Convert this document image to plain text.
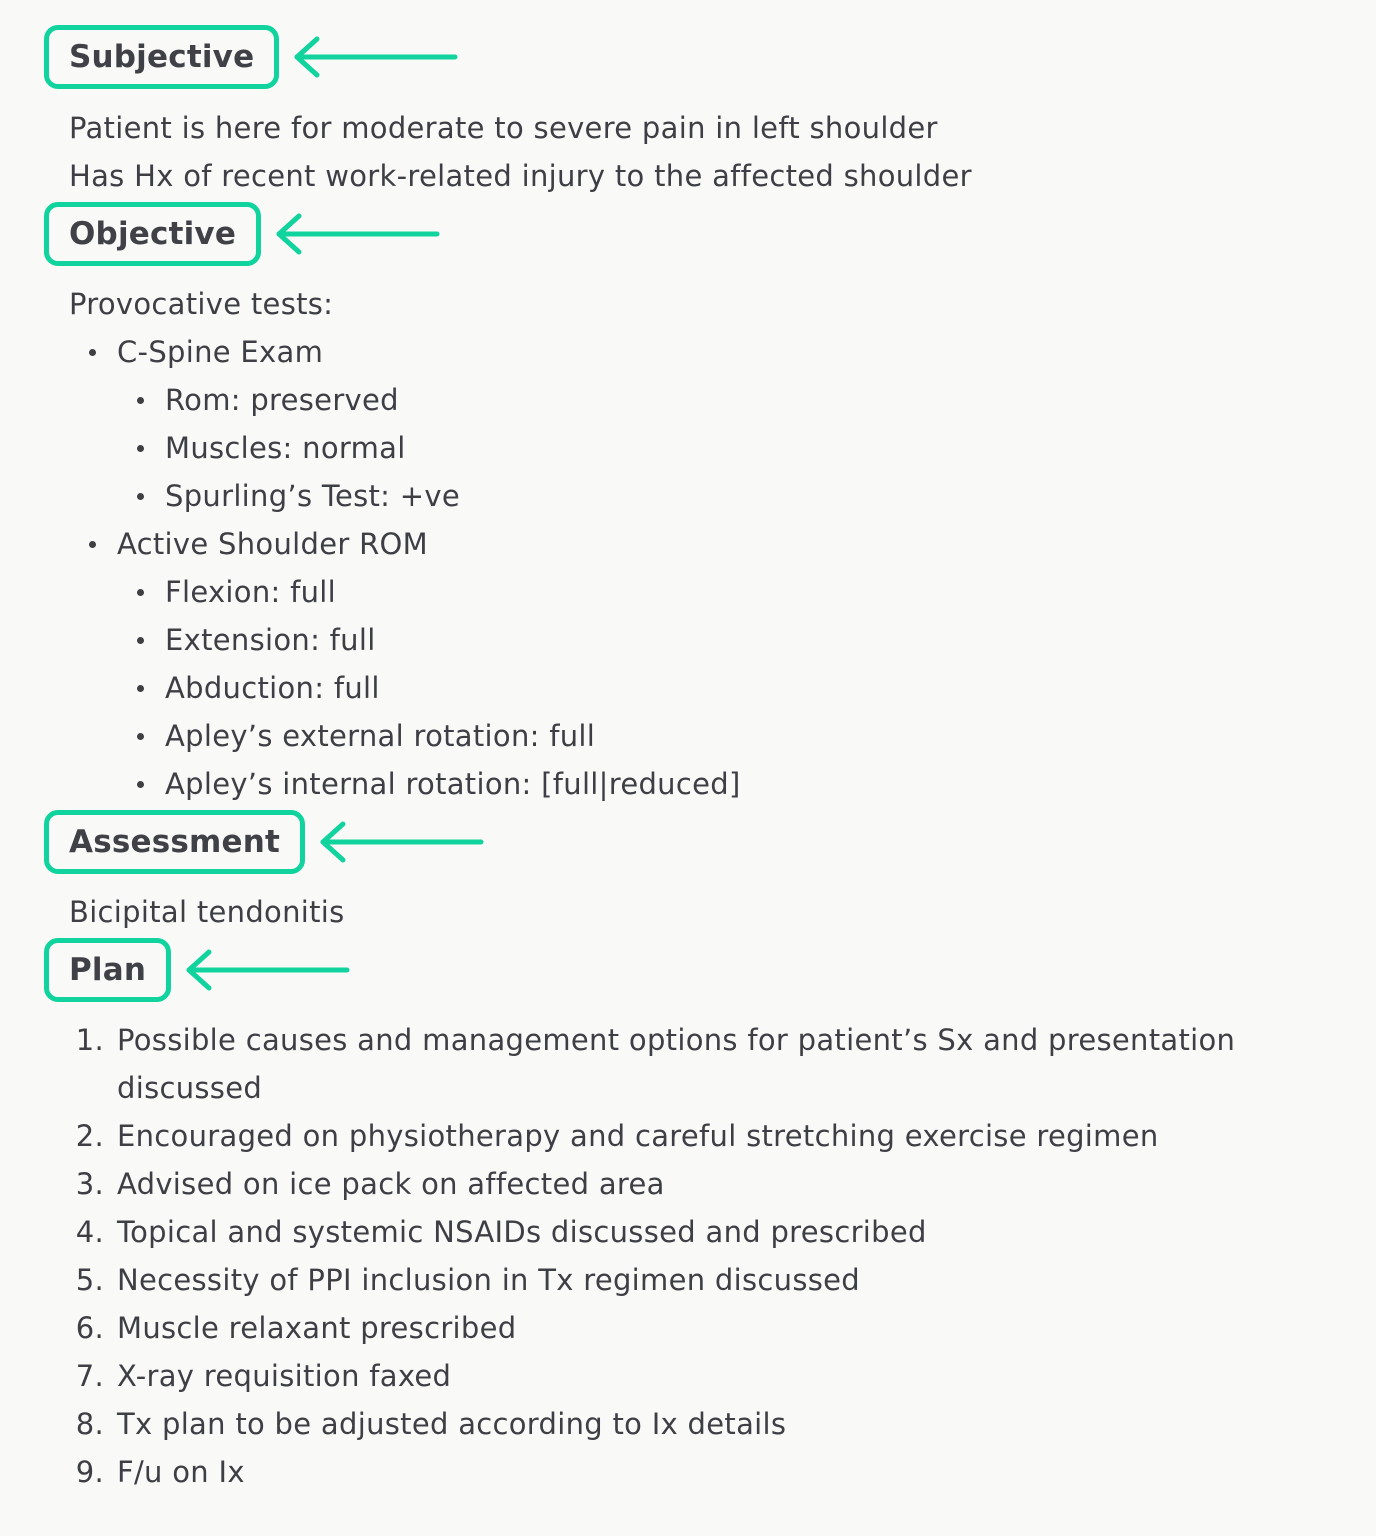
Subjective
Patient is here for moderate to severe pain in left shoulder
Has Hx of recent work-related injury to the affected shoulder
Objective
Provocative tests:
C-Spine Exam
Rom: preserved
Muscles: normal
Spurling’s Test: +ve
Active Shoulder ROM
Flexion: full
Extension: full
Abduction: full
Apley’s external rotation: full
Apley’s internal rotation: [full|reduced]
Assessment
Bicipital tendonitis
Plan
1. Possible causes and management options for patient’s Sx and presentation
discussed
2. Encouraged on physiotherapy and careful stretching exercise regimen
3. Advised on ice pack on affected area
4. Topical and systemic NSAIDs discussed and prescribed
5. Necessity of PPI inclusion in Tx regimen discussed
6. Muscle relaxant prescribed
7. X-ray requisition faxed
8. Tx plan to be adjusted according to Ix details
9. F/u on Ix
